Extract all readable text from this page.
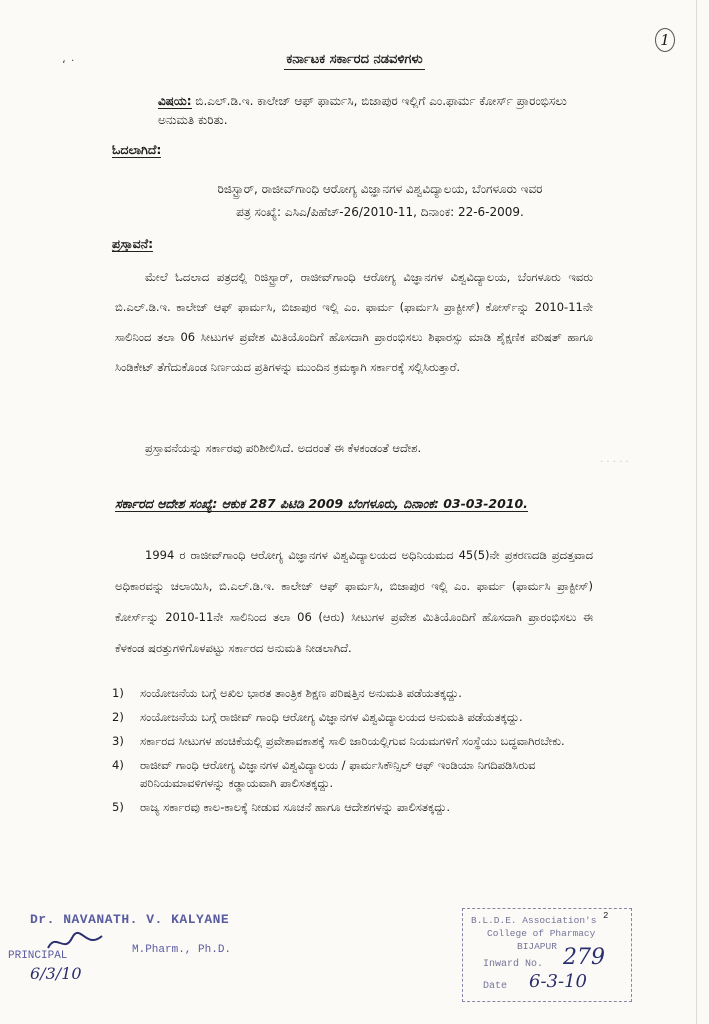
‘ ˙
1
ಕರ್ನಾಟಕ ಸರ್ಕಾರದ ನಡವಳಿಗಳು
ವಿಷಯ: ಬಿ.ಎಲ್.ಡಿ.ಇ. ಕಾಲೇಜ್ ಆಫ್ ಫಾರ್ಮಸಿ, ಬಿಜಾಪುರ ಇಲ್ಲಿಗೆ ಎಂ.ಫಾರ್ಮ ಕೋರ್ಸ್ ಪ್ರಾರಂಭಿಸಲು ಅನುಮತಿ ಕುರಿತು.
ಓದಲಾಗಿದೆ:
ರಿಜಿಸ್ಟ್ರಾರ್, ರಾಜೀವ್‌ಗಾಂಧಿ ಆರೋಗ್ಯ ವಿಜ್ಞಾನಗಳ ವಿಶ್ವವಿದ್ಯಾಲಯ, ಬೆಂಗಳೂರು ಇವರ
ಪತ್ರ ಸಂಖ್ಯೆ: ಎಸಿಎ/ಪಿಹೆಚ್-26/2010-11, ದಿನಾಂಕ: 22-6-2009.
ಪ್ರಸ್ತಾವನೆ:
ಮೇಲೆ ಓದಲಾದ ಪತ್ರದಲ್ಲಿ ರಿಜಿಸ್ಟ್ರಾರ್, ರಾಜೀವ್‌ಗಾಂಧಿ ಆರೋಗ್ಯ ವಿಜ್ಞಾನಗಳ ವಿಶ್ವವಿದ್ಯಾಲಯ, ಬೆಂಗಳೂರು ಇವರು ಬಿ.ಎಲ್.ಡಿ.ಇ. ಕಾಲೇಜ್ ಆಫ್ ಫಾರ್ಮಸಿ, ಬಿಜಾಪುರ ಇಲ್ಲಿ ಎಂ. ಫಾರ್ಮ (ಫಾರ್ಮಸಿ ಪ್ರಾಕ್ಟೀಸ್) ಕೋರ್ಸ್‌ನ್ನು 2010-11ನೇ ಸಾಲಿನಿಂದ ತಲಾ 06 ಸೀಟುಗಳ ಪ್ರವೇಶ ಮಿತಿಯೊಂದಿಗೆ ಹೊಸದಾಗಿ ಪ್ರಾರಂಭಿಸಲು ಶಿಫಾರಸ್ಸು ಮಾಡಿ ಶೈಕ್ಷಣಿಕ ಪರಿಷತ್ ಹಾಗೂ ಸಿಂಡಿಕೇಟ್ ತೆಗೆದುಕೊಂಡ ನಿರ್ಣಯದ ಪ್ರತಿಗಳನ್ನು ಮುಂದಿನ ಕ್ರಮಕ್ಕಾಗಿ ಸರ್ಕಾರಕ್ಕೆ ಸಲ್ಲಿಸಿರುತ್ತಾರೆ.
ಪ್ರಸ್ತಾವನೆಯನ್ನು ಸರ್ಕಾರವು ಪರಿಶೀಲಿಸಿದೆ. ಅದರಂತೆ ಈ ಕೆಳಕಂಡಂತೆ ಆದೇಶ.
ಸರ್ಕಾರದ ಆದೇಶ ಸಂಖ್ಯೆ: ಆಕುಕ 287 ಪಿಟಿಡಿ 2009 ಬೆಂಗಳೂರು, ದಿನಾಂಕ: 03-03-2010.
1994 ರ ರಾಜೀವ್‌ಗಾಂಧಿ ಆರೋಗ್ಯ ವಿಜ್ಞಾನಗಳ ವಿಶ್ವವಿದ್ಯಾಲಯದ ಅಧಿನಿಯಮದ 45(5)ನೇ ಪ್ರಕರಣದಡಿ ಪ್ರದತ್ತವಾದ ಅಧಿಕಾರವನ್ನು ಚಲಾಯಿಸಿ, ಬಿ.ಎಲ್.ಡಿ.ಇ. ಕಾಲೇಜ್ ಆಫ್ ಫಾರ್ಮಸಿ, ಬಿಜಾಪುರ ಇಲ್ಲಿ ಎಂ. ಫಾರ್ಮ (ಫಾರ್ಮಸಿ ಪ್ರಾಕ್ಟೀಸ್) ಕೋರ್ಸ್‌ನ್ನು 2010-11ನೇ ಸಾಲಿನಿಂದ ತಲಾ 06 (ಆರು) ಸೀಟುಗಳ ಪ್ರವೇಶ ಮಿತಿಯೊಂದಿಗೆ ಹೊಸದಾಗಿ ಪ್ರಾರಂಭಿಸಲು ಈ ಕೆಳಕಂಡ ಷರತ್ತುಗಳಿಗೊಳಪಟ್ಟು ಸರ್ಕಾರದ ಅನುಮತಿ ನೀಡಲಾಗಿದೆ.
1) ಸಂಯೋಜನೆಯ ಬಗ್ಗೆ ಅಖಿಲ ಭಾರತ ತಾಂತ್ರಿಕ ಶಿಕ್ಷಣ ಪರಿಷತ್ತಿನ ಅನುಮತಿ ಪಡೆಯತಕ್ಕದ್ದು.
2) ಸಂಯೋಜನೆಯ ಬಗ್ಗೆ ರಾಜೀವ್ ಗಾಂಧಿ ಆರೋಗ್ಯ ವಿಜ್ಞಾನಗಳ ವಿಶ್ವವಿದ್ಯಾಲಯದ ಅನುಮತಿ ಪಡೆಯತಕ್ಕದ್ದು.
3) ಸರ್ಕಾರದ ಸೀಟುಗಳ ಹಂಚಿಕೆಯಲ್ಲಿ ಪ್ರವೇಶಾವಕಾಶಕ್ಕೆ ಸಾಲಿ ಜಾರಿಯಲ್ಲಿಗುವ ನಿಯಮಗಳಿಗೆ ಸಂಸ್ಥೆಯು ಬದ್ಧವಾಗಿರಬೇಕು.
4) ರಾಜೀವ್ ಗಾಂಧಿ ಆರೋಗ್ಯ ವಿಜ್ಞಾನಗಳ ವಿಶ್ವವಿದ್ಯಾಲಯ / ಫಾರ್ಮಸಿಕೌನ್ಸಿಲ್ ಆಫ್ ಇಂಡಿಯಾ ನಿಗದಿಪಡಿಸಿರುವ ಪರಿನಿಯಮಾವಳಿಗಳನ್ನು ಕಡ್ಡಾಯವಾಗಿ ಪಾಲಿಸತಕ್ಕದ್ದು.
5) ರಾಜ್ಯ ಸರ್ಕಾರವು ಕಾಲ-ಕಾಲಕ್ಕೆ ನೀಡುವ ಸೂಚನೆ ಹಾಗೂ ಆದೇಶಗಳನ್ನು ಪಾಲಿಸತಕ್ಕದ್ದು.
. . . . .
Dr. NAVANATH. V. KALYANE
PRINCIPAL	M.Pharm., Ph.D.
6/3/10
2
B.L.D.E. Association's
College of Pharmacy
BIJAPUR
Inward No. 279
Date 6-3-10
